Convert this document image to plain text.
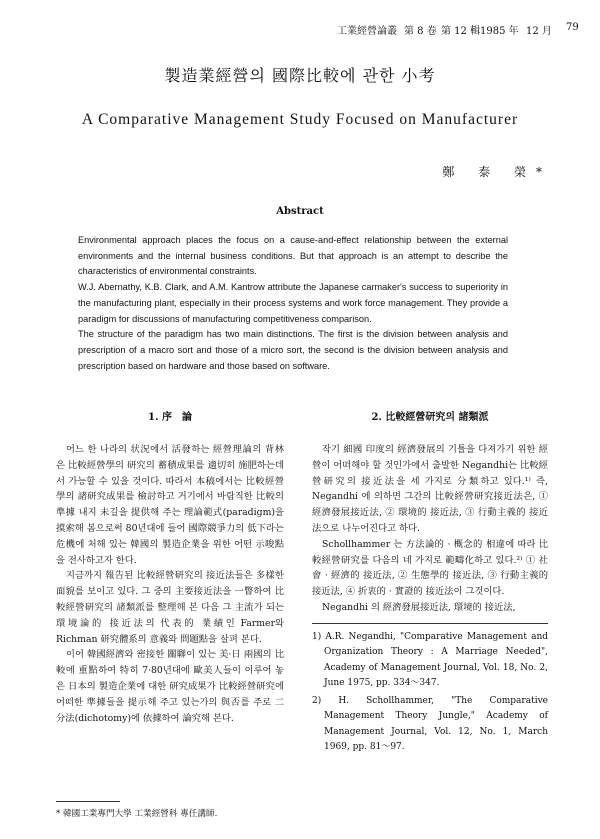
工業經營論叢 第 8 卷 第 12 輯 1985 年 12 月 79
製造業經營의 國際比較에 관한 小考
A Comparative Management Study Focused on Manufacturer
鄭 泰 榮*
Abstract

Environmental approach places the focus on a cause-and-effect relationship between the external environments and the internal business conditions. But that approach is an attempt to describe the characteristics of environmental constraints.

W.J. Abernathy, K.B. Clark, and A.M. Kantrow attribute the Japanese carmaker's success to superiority in the manufacturing plant, especially in their process systems and work force management. They provide a paradigm for discussions of manufacturing competitiveness comparison.

The structure of the paradigm has two main distinctions. The first is the division between analysis and prescription of a macro sort and those of a micro sort, the second is the division between analysis and prescription based on hardware and those based on software.

1. 序　論

어느 한 나라의 状況에서 活發하는 經營理論의 背林은 比較經營學의 研究의 蓄積成果를 適切히 施肥하는데서 가능할 수 있을 것이다. 따라서 本稿에서는 比較經營學의 諸研究成果를 檢討하고 거기에서 바람직한 比較의 準據 내지 未길을 提供해 주는 理論範式(paradigm)을 摸索해 봄으로써 80년대에 들어 國際競爭力의 低下라는 危機에 처해 있는 韓國의 製造企業을 위한 어떤 示唆點을 전사하고자 한다.

지금까지 報告된 比較經營研究의 接近法들은 多樣한 面貌를 보이고 있다. 그 중의 主要接近法을 一瞥하여 比較經營研究의 諸類派를 整理해 본 다음 그 主流가 되는 環境論的 接近法의 代表的 業績인 Farmer와 Richman 研究體系의 意義와 問題點을 살펴 본다.

이어 韓國經濟와 密接한 關聯이 있는 美·日 兩國의 比較에 重點하여 特히 7·80년대에 歐美人들이 이루어 놓은 日本의 製造企業에 대한 研究成果가 比較經營研究에 어떠한 準據들을 提示해 주고 있는가의 與否를 주로 二分法(dichotomy)에 依據하여 論究해 본다.

* 韓國工業專門大學 工業經營科 專任講師.
2. 比較經營研究의 諸類派

작기 細國 印度의 經濟發展의 기틀을 다져가기 위한 經營이 어떠해야 할 것인가에서 출발한 Negandhi는 比較經營研究의 接近法을 세 가지로 分類하고 있다.¹⁾ 즉, Negandhi 에 의하면 그간의 比較經營研究接近法은, ① 經濟發展接近法, ② 環境的 接近法, ③ 行動主義的 接近法으로 나누어진다고 하다.

Schollhammer 는 方法論的 · 概念的 相違에 따라 比較經營研究를 다음의 네 가지로 範疇化하고 있다.²⁾ ① 社會 · 經濟的 接近法, ② 生態學的 接近法, ③ 行動主義的 接近法, ④ 折衷的 · 實證的 接近法이 그것이다.

Negandhi 의 經濟發展接近法, 環境的 接近法,

1) A.R. Negandhi, "Comparative Management and Organization Theory : A Marriage Needed", Academy of Management Journal, Vol. 18, No. 2, June 1975, pp. 334～347.

2) H. Schollhammer, "The Comparative Management Theory Jungle," Academy of Management Journal, Vol. 12, No. 1, March 1969, pp. 81～97.
